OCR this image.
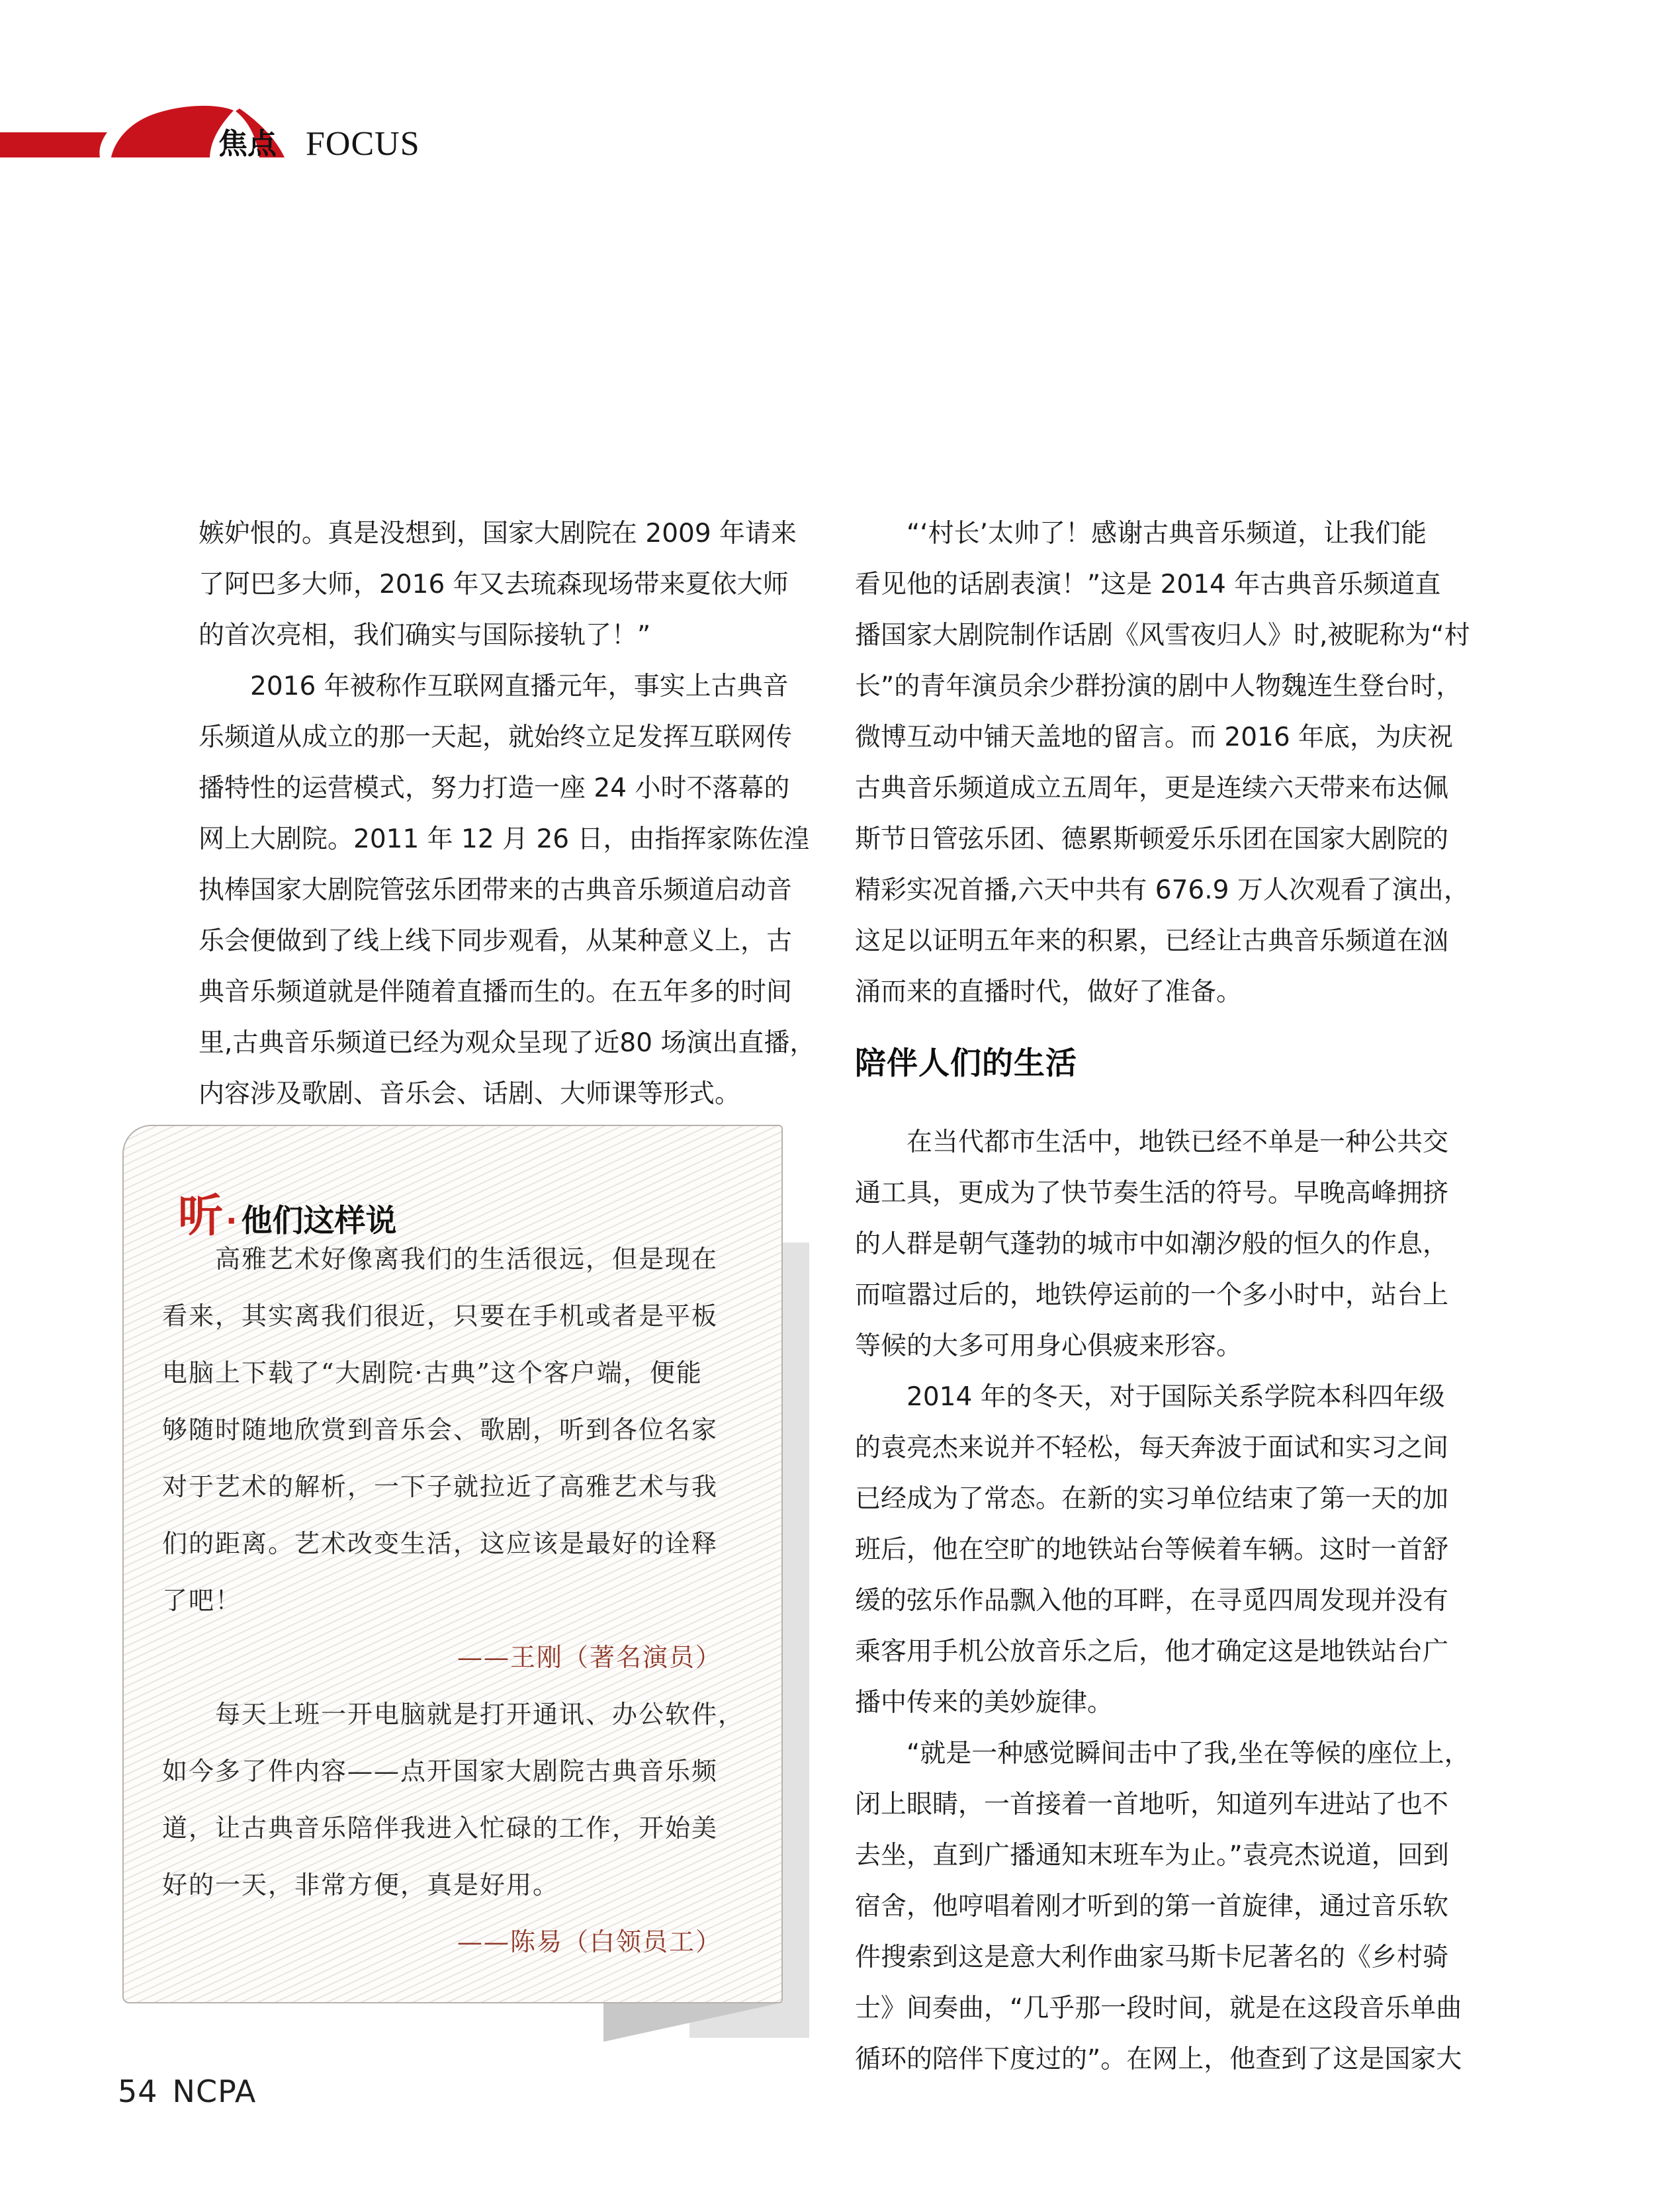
焦点 FOCUS
嫉妒恨的。真是没想到，国家大剧院在 2009 年请来
了阿巴多大师，2016 年又去琉森现场带来夏依大师
的首次亮相，我们确实与国际接轨了！”
　　2016 年被称作互联网直播元年，事实上古典音
乐频道从成立的那一天起，就始终立足发挥互联网传
播特性的运营模式，努力打造一座 24 小时不落幕的
网上大剧院。2011 年 12 月 26 日，由指挥家陈佐湟
执棒国家大剧院管弦乐团带来的古典音乐频道启动音
乐会便做到了线上线下同步观看，从某种意义上，古
典音乐频道就是伴随着直播而生的。在五年多的时间
里,古典音乐频道已经为观众呈现了近80 场演出直播，
内容涉及歌剧、音乐会、话剧、大师课等形式。
　　“‘村长’太帅了！感谢古典音乐频道，让我们能
看见他的话剧表演！”这是 2014 年古典音乐频道直
播国家大剧院制作话剧《风雪夜归人》时,被昵称为“村
长”的青年演员余少群扮演的剧中人物魏连生登台时，
微博互动中铺天盖地的留言。而 2016 年底，为庆祝
古典音乐频道成立五周年，更是连续六天带来布达佩
斯节日管弦乐团、德累斯顿爱乐乐团在国家大剧院的
精彩实况首播,六天中共有 676.9 万人次观看了演出，
这足以证明五年来的积累，已经让古典音乐频道在汹
涌而来的直播时代，做好了准备。
陪伴人们的生活
　　在当代都市生活中，地铁已经不单是一种公共交
通工具，更成为了快节奏生活的符号。早晚高峰拥挤
的人群是朝气蓬勃的城市中如潮汐般的恒久的作息，
而喧嚣过后的，地铁停运前的一个多小时中，站台上
等候的大多可用身心俱疲来形容。
　　2014 年的冬天，对于国际关系学院本科四年级
的袁亮杰来说并不轻松，每天奔波于面试和实习之间
已经成为了常态。在新的实习单位结束了第一天的加
班后，他在空旷的地铁站台等候着车辆。这时一首舒
缓的弦乐作品飘入他的耳畔，在寻觅四周发现并没有
乘客用手机公放音乐之后，他才确定这是地铁站台广
播中传来的美妙旋律。
　　“就是一种感觉瞬间击中了我,坐在等候的座位上，
闭上眼睛，一首接着一首地听，知道列车进站了也不
去坐，直到广播通知末班车为止。”袁亮杰说道，回到
宿舍，他哼唱着刚才听到的第一首旋律，通过音乐软
件搜索到这是意大利作曲家马斯卡尼著名的《乡村骑
士》间奏曲，“几乎那一段时间，就是在这段音乐单曲
循环的陪伴下度过的”。在网上，他查到了这是国家大
听· 他们这样说
　　高雅艺术好像离我们的生活很远，但是现在
看来，其实离我们很近，只要在手机或者是平板
电脑上下载了“大剧院·古典”这个客户端，便能
够随时随地欣赏到音乐会、歌剧，听到各位名家
对于艺术的解析，一下子就拉近了高雅艺术与我
们的距离。艺术改变生活，这应该是最好的诠释
了吧！
——王刚（著名演员）
　　每天上班一开电脑就是打开通讯、办公软件，
如今多了件内容——点开国家大剧院古典音乐频
道，让古典音乐陪伴我进入忙碌的工作，开始美
好的一天，非常方便，真是好用。
——陈易（白领员工）
54 NCPA
